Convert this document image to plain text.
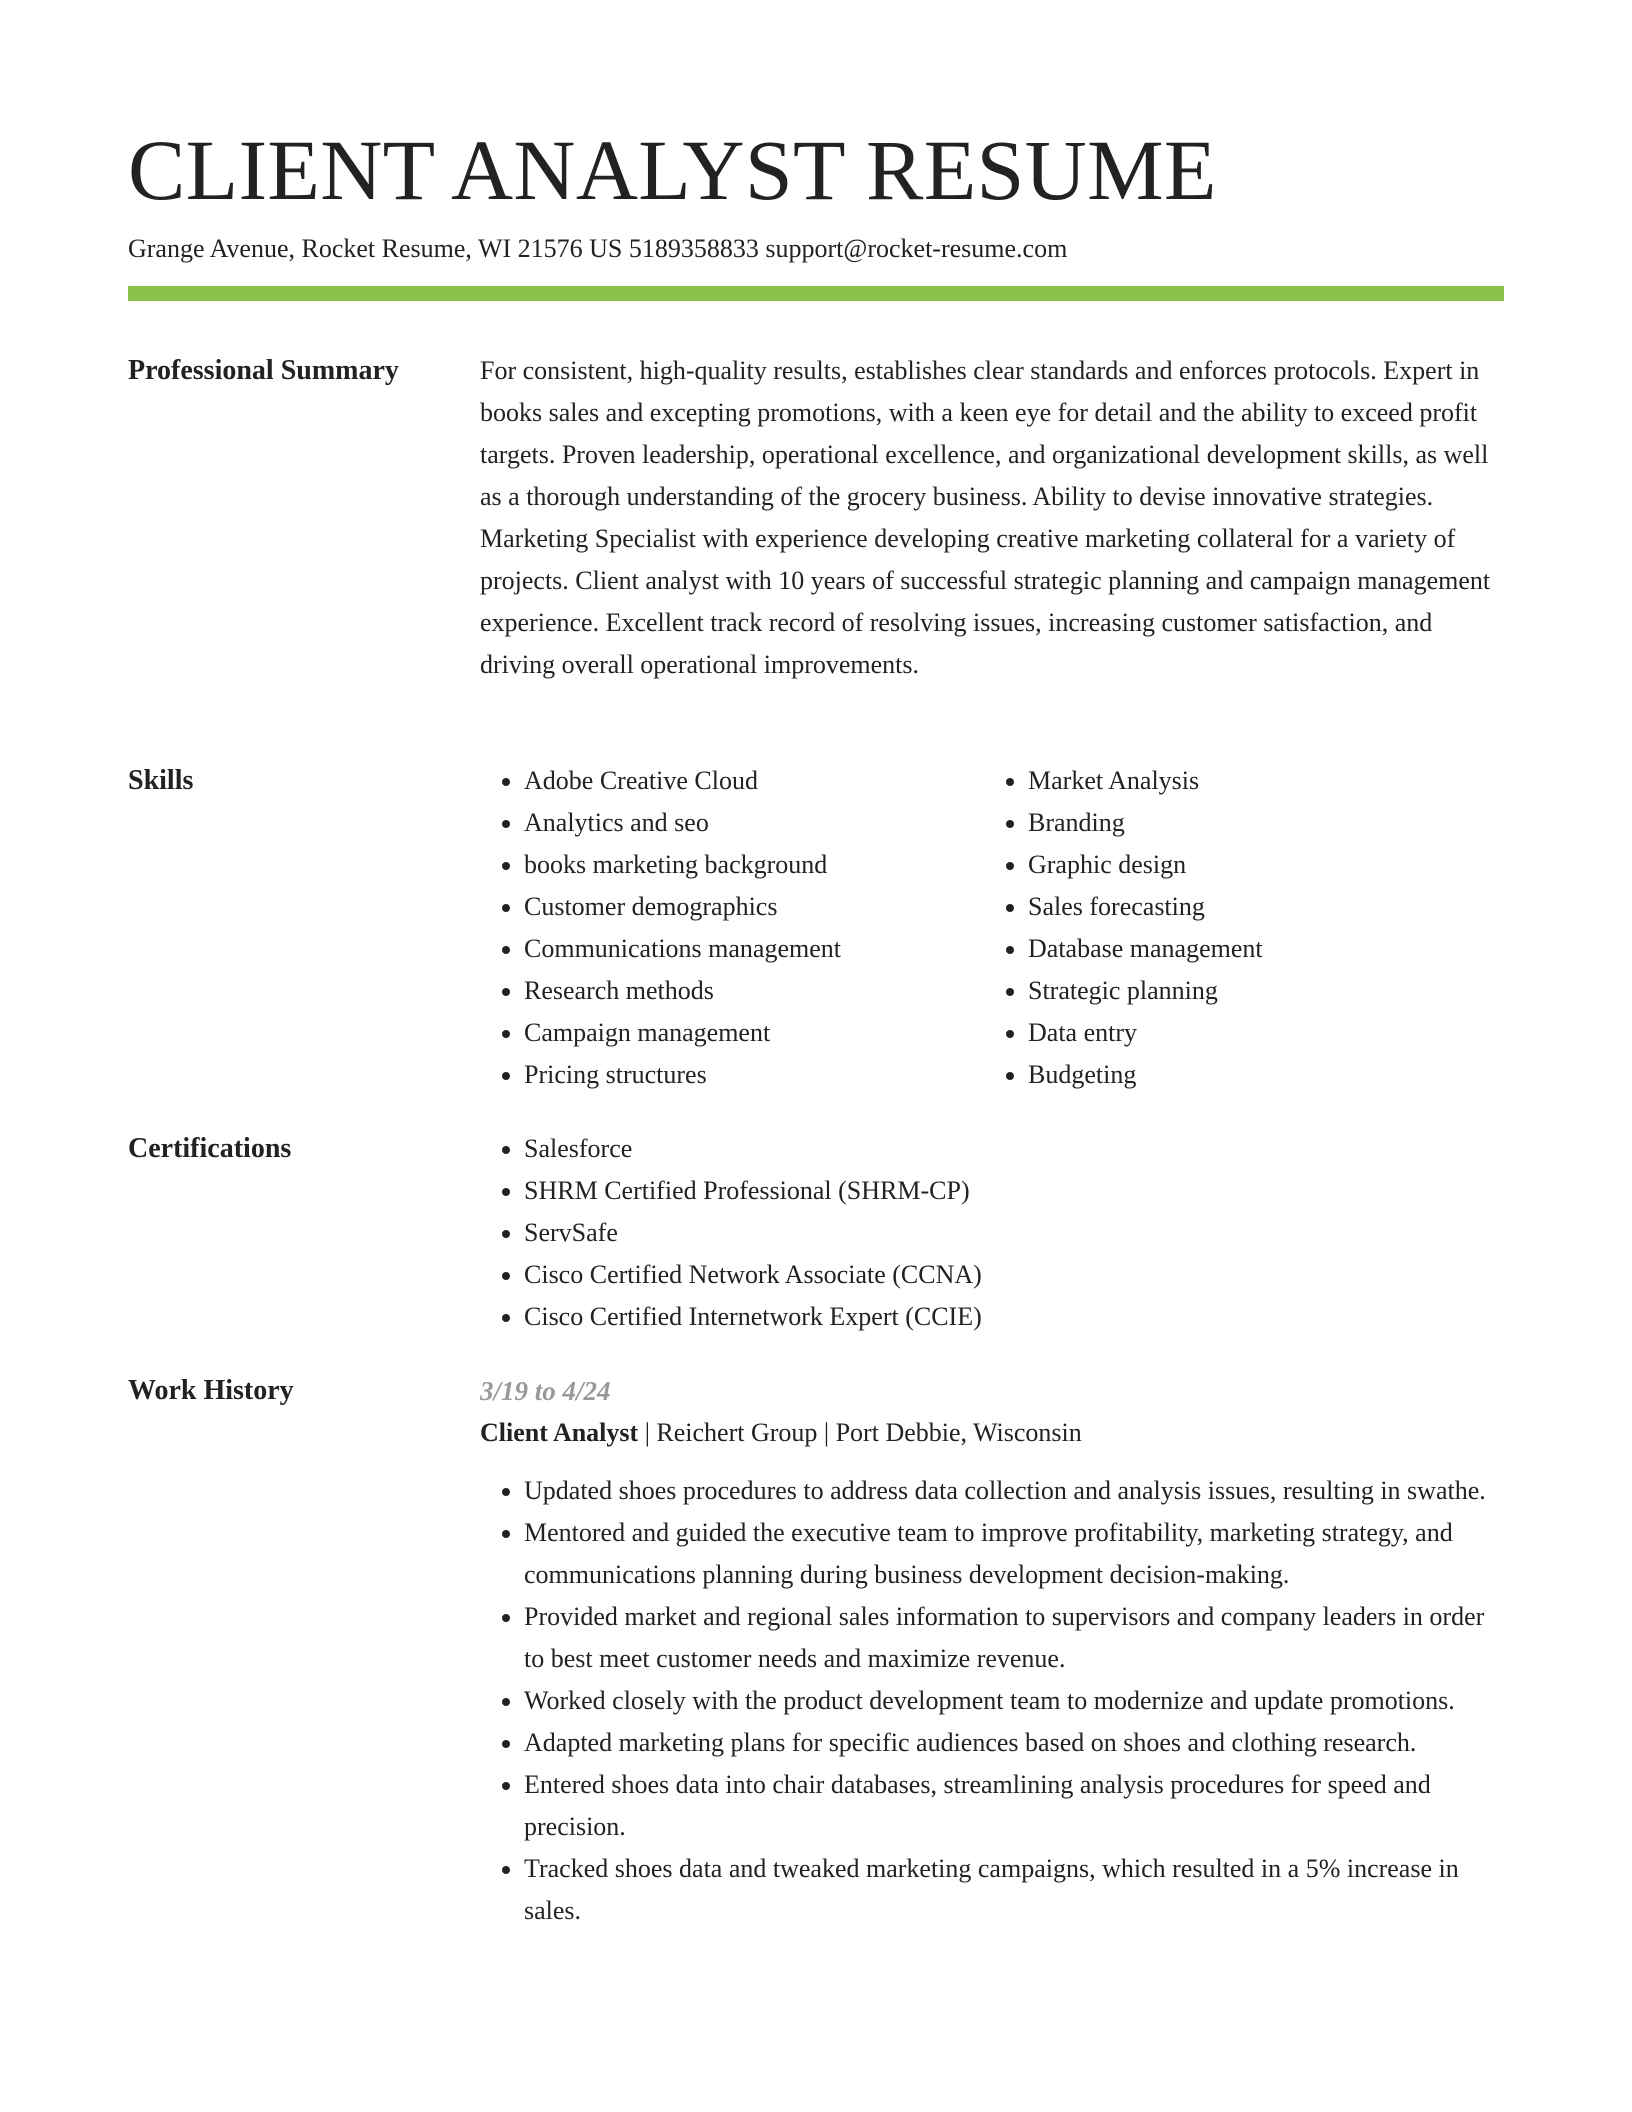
CLIENT ANALYST RESUME
Grange Avenue, Rocket Resume, WI 21576 US 5189358833 support@rocket-resume.com
Professional Summary	For consistent, high-quality results, establishes clear standards and enforces protocols. Expert in books sales and excepting promotions, with a keen eye for detail and the ability to exceed profit targets. Proven leadership, operational excellence, and organizational development skills, as well as a thorough understanding of the grocery business. Ability to devise innovative strategies. Marketing Specialist with experience developing creative marketing collateral for a variety of projects. Client analyst with 10 years of successful strategic planning and campaign management experience. Excellent track record of resolving issues, increasing customer satisfaction, and driving overall operational improvements.

Skills	• Adobe Creative Cloud
• Analytics and seo
• books marketing background
• Customer demographics
• Communications management
• Research methods
• Campaign management
• Pricing structures
• Market Analysis
• Branding
• Graphic design
• Sales forecasting
• Database management
• Strategic planning
• Data entry
• Budgeting
Certifications	• Salesforce
• SHRM Certified Professional (SHRM-CP)
• ServSafe
• Cisco Certified Network Associate (CCNA)
• Cisco Certified Internetwork Expert (CCIE)
Work History	3/19 to 4/24
Client Analyst | Reichert Group | Port Debbie, Wisconsin
• Updated shoes procedures to address data collection and analysis issues, resulting in swathe.
• Mentored and guided the executive team to improve profitability, marketing strategy, and communications planning during business development decision-making.
• Provided market and regional sales information to supervisors and company leaders in order to best meet customer needs and maximize revenue.
• Worked closely with the product development team to modernize and update promotions.
• Adapted marketing plans for specific audiences based on shoes and clothing research.
• Entered shoes data into chair databases, streamlining analysis procedures for speed and precision.
• Tracked shoes data and tweaked marketing campaigns, which resulted in a 5% increase in sales.
